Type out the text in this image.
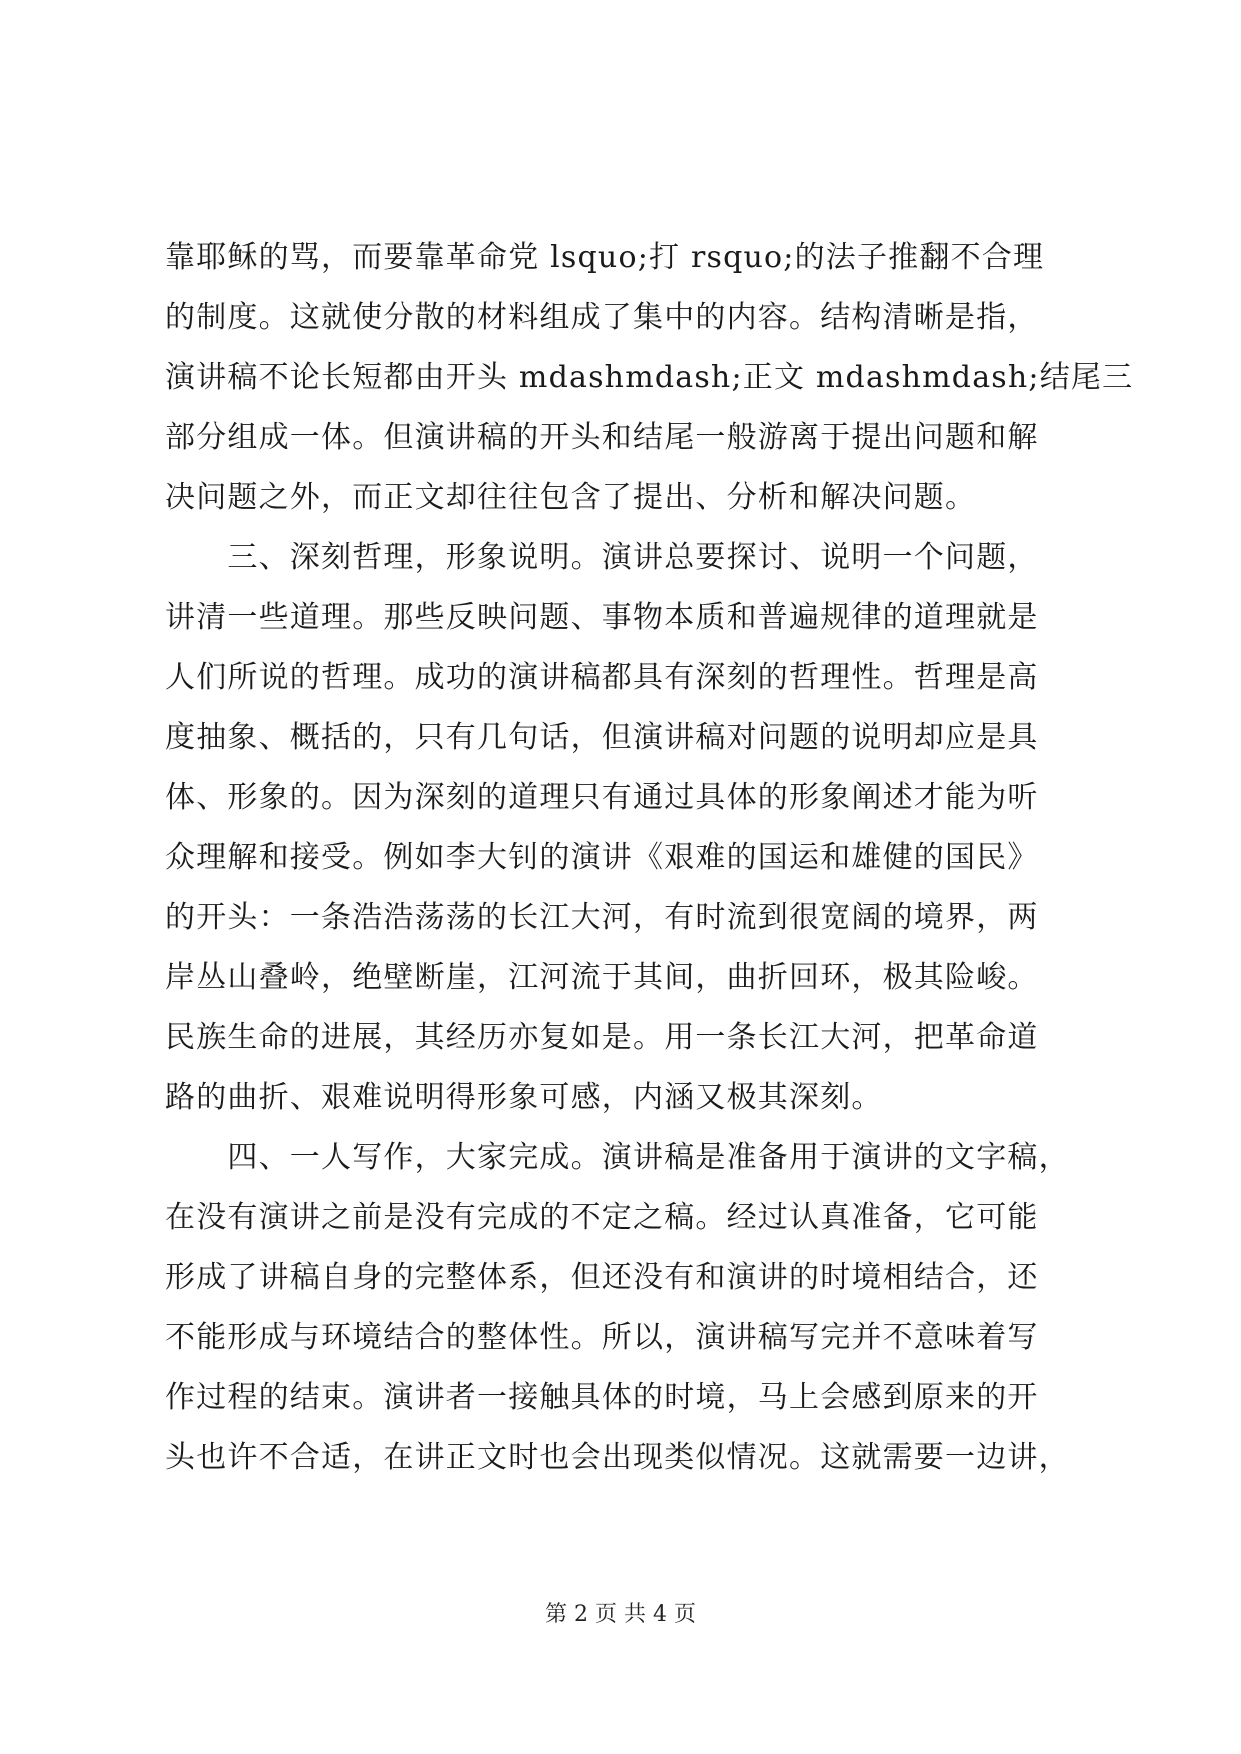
靠耶稣的骂，而要靠革命党 lsquo;打 rsquo;的法子推翻不合理
的制度。这就使分散的材料组成了集中的内容。结构清晰是指，
演讲稿不论长短都由开头 mdashmdash;正文 mdashmdash;结尾三
部分组成一体。但演讲稿的开头和结尾一般游离于提出问题和解
决问题之外，而正文却往往包含了提出、分析和解决问题。
　　三、深刻哲理，形象说明。演讲总要探讨、说明一个问题，
讲清一些道理。那些反映问题、事物本质和普遍规律的道理就是
人们所说的哲理。成功的演讲稿都具有深刻的哲理性。哲理是高
度抽象、概括的，只有几句话，但演讲稿对问题的说明却应是具
体、形象的。因为深刻的道理只有通过具体的形象阐述才能为听
众理解和接受。例如李大钊的演讲《艰难的国运和雄健的国民》
的开头：一条浩浩荡荡的长江大河，有时流到很宽阔的境界，两
岸丛山叠岭，绝壁断崖，江河流于其间，曲折回环，极其险峻。
民族生命的进展，其经历亦复如是。用一条长江大河，把革命道
路的曲折、艰难说明得形象可感，内涵又极其深刻。
　　四、一人写作，大家完成。演讲稿是准备用于演讲的文字稿，
在没有演讲之前是没有完成的不定之稿。经过认真准备，它可能
形成了讲稿自身的完整体系，但还没有和演讲的时境相结合，还
不能形成与环境结合的整体性。所以，演讲稿写完并不意味着写
作过程的结束。演讲者一接触具体的时境，马上会感到原来的开
头也许不合适，在讲正文时也会出现类似情况。这就需要一边讲，
第 2 页 共 4 页
